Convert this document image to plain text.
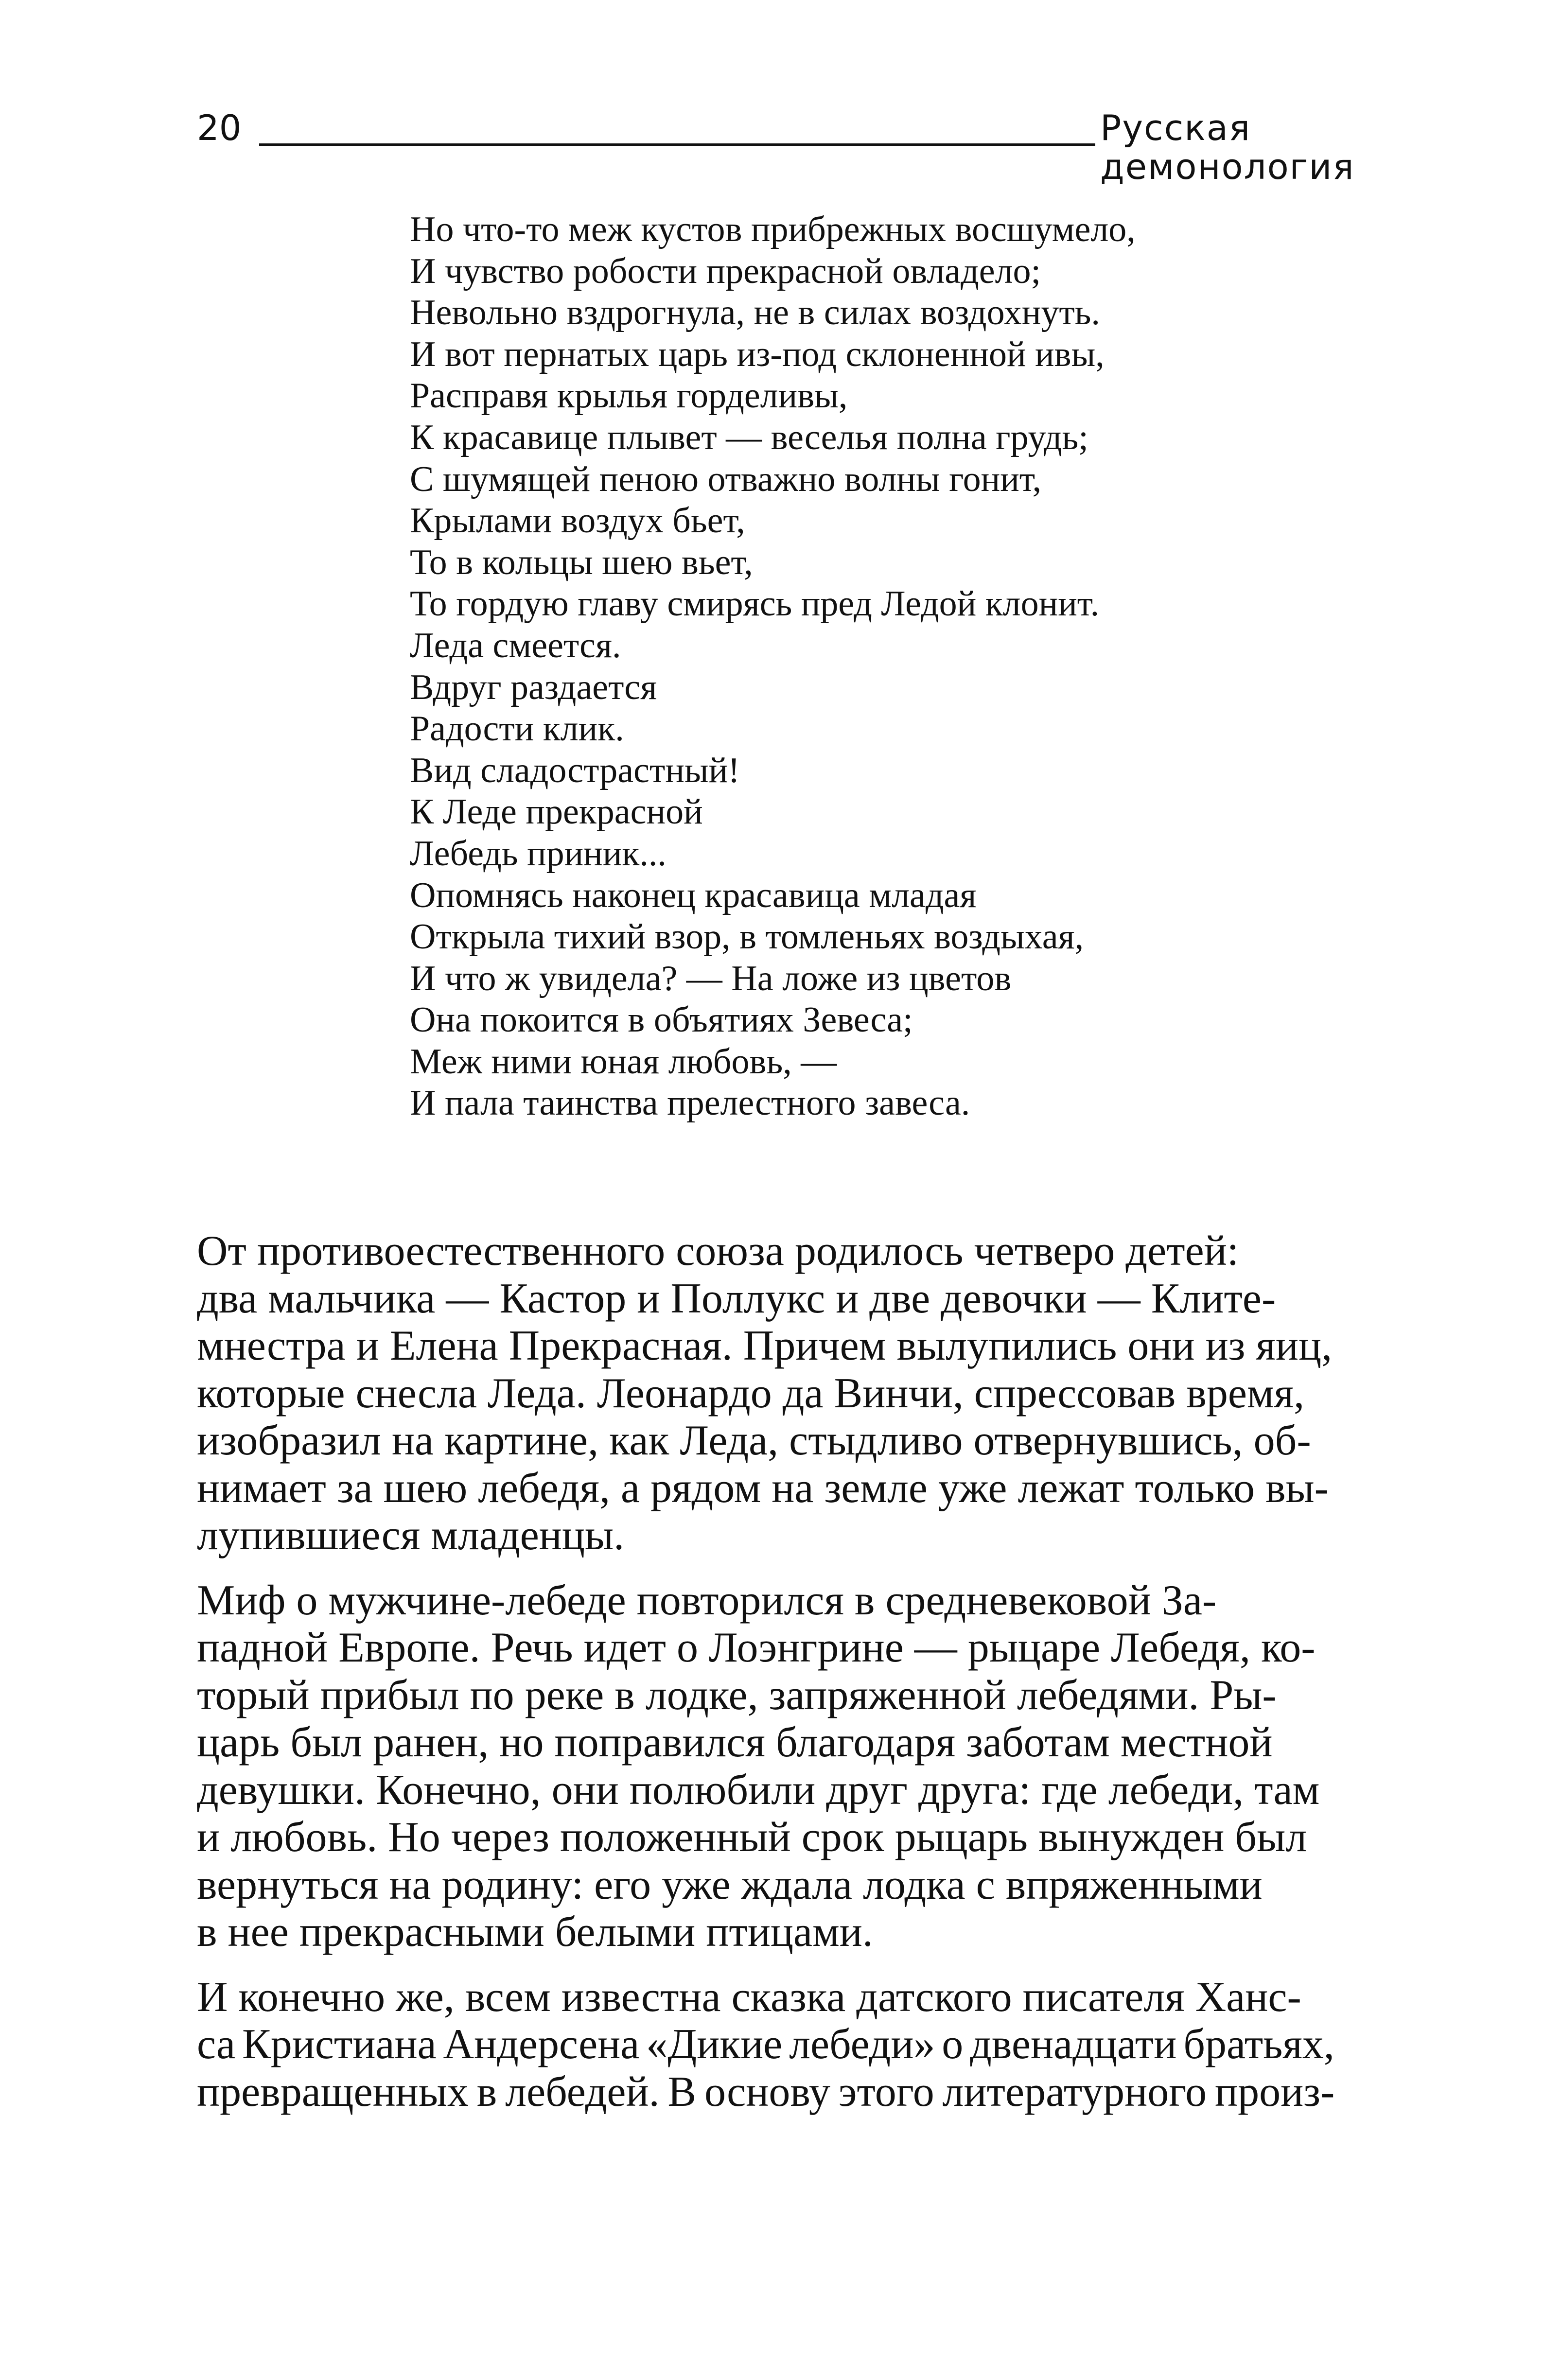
20	Русская демонология
Но что-то меж кустов прибрежных восшумело,
И чувство робости прекрасной овладело;
Невольно вздрогнула, не в силах воздохнуть.
И вот пернатых царь из-под склоненной ивы,
Расправя крылья горделивы,
К красавице плывет — веселья полна грудь;
С шумящей пеною отважно волны гонит,
Крылами воздух бьет,
То в кольцы шею вьет,
То гордую главу смирясь пред Ледой клонит.
Леда смеется.
Вдруг раздается
Радости клик.
Вид сладострастный!
К Леде прекрасной
Лебедь приник...
Опомнясь наконец красавица младая
Открыла тихий взор, в томленьях воздыхая,
И что ж увидела? — На ложе из цветов
Она покоится в объятиях Зевеса;
Меж ними юная любовь, —
И пала таинства прелестного завеса.
От противоестественного союза родилось четверо детей:
два мальчика — Кастор и Поллукс и две девочки — Клите-
мнестра и Елена Прекрасная. Причем вылупились они из яиц,
которые снесла Леда. Леонардо да Винчи, спрессовав время,
изобразил на картине, как Леда, стыдливо отвернувшись, об-
нимает за шею лебедя, а рядом на земле уже лежат только вы-
лупившиеся младенцы.
Миф о мужчине-лебеде повторился в средневековой За-
падной Европе. Речь идет о Лоэнгрине — рыцаре Лебедя, ко-
торый прибыл по реке в лодке, запряженной лебедями. Ры-
царь был ранен, но поправился благодаря заботам местной
девушки. Конечно, они полюбили друг друга: где лебеди, там
и любовь. Но через положенный срок рыцарь вынужден был
вернуться на родину: его уже ждала лодка с впряженными
в нее прекрасными белыми птицами.
И конечно же, всем известна сказка датского писателя Ханс-
са Кристиана Андерсена «Дикие лебеди» о двенадцати братьях,
превращенных в лебедей. В основу этого литературного произ-
